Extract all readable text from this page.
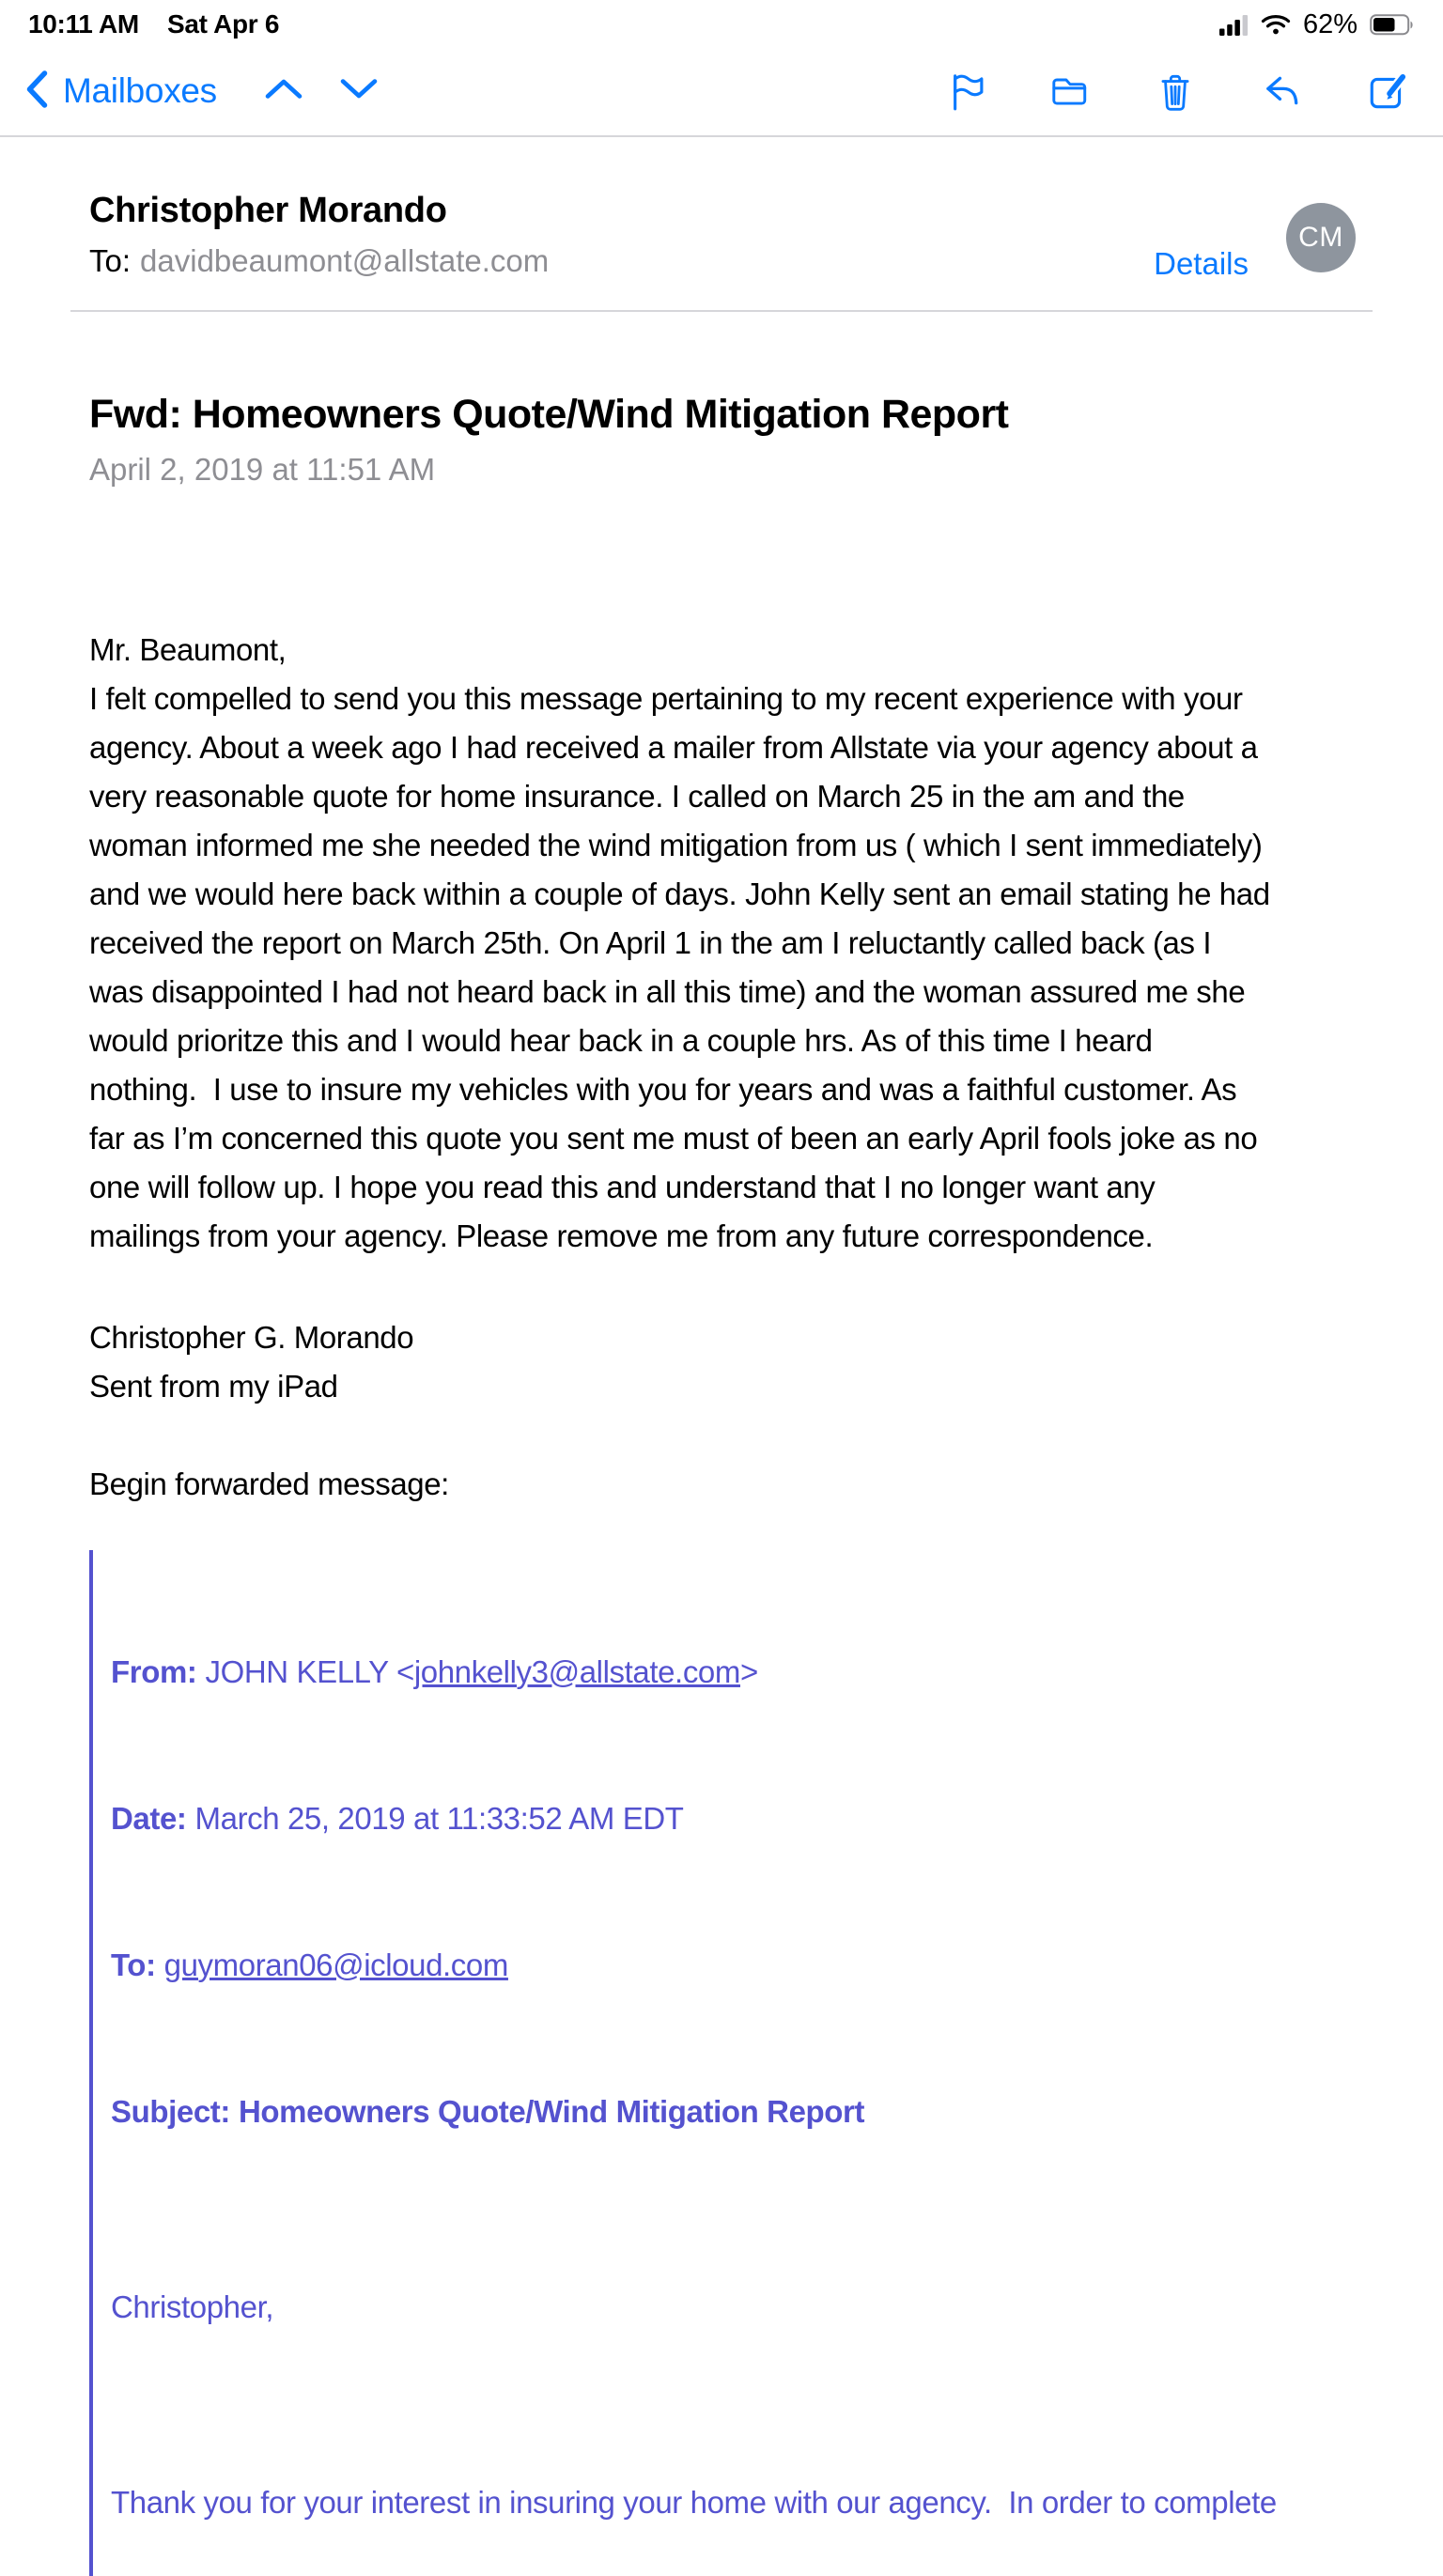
10:11 AM Sat Apr 6	62%
Mailboxes
Christopher Morando
To: davidbeaumont@allstate.com	Details
CM
Fwd: Homeowners Quote/Wind Mitigation Report
April 2, 2019 at 11:51 AM
Mr. Beaumont,
I felt compelled to send you this message pertaining to my recent experience with your
agency. About a week ago I had received a mailer from Allstate via your agency about a
very reasonable quote for home insurance. I called on March 25 in the am and the
woman informed me she needed the wind mitigation from us ( which I sent immediately)
and we would here back within a couple of days. John Kelly sent an email stating he had
received the report on March 25th. On April 1 in the am I reluctantly called back (as I
was disappointed I had not heard back in all this time) and the woman assured me she
would prioritze this and I would hear back in a couple hrs. As of this time I heard
nothing.  I use to insure my vehicles with you for years and was a faithful customer. As
far as I’m concerned this quote you sent me must of been an early April fools joke as no
one will follow up. I hope you read this and understand that I no longer want any
mailings from your agency. Please remove me from any future correspondence.
Christopher G. Morando
Sent from my iPad
Begin forwarded message:

From: JOHN KELLY <johnkelly3@allstate.com>

Date: March 25, 2019 at 11:33:52 AM EDT

To: guymoran06@icloud.com

Subject: Homeowners Quote/Wind Mitigation Report

Christopher,

Thank you for your interest in insuring your home with our agency.  In order to complete
